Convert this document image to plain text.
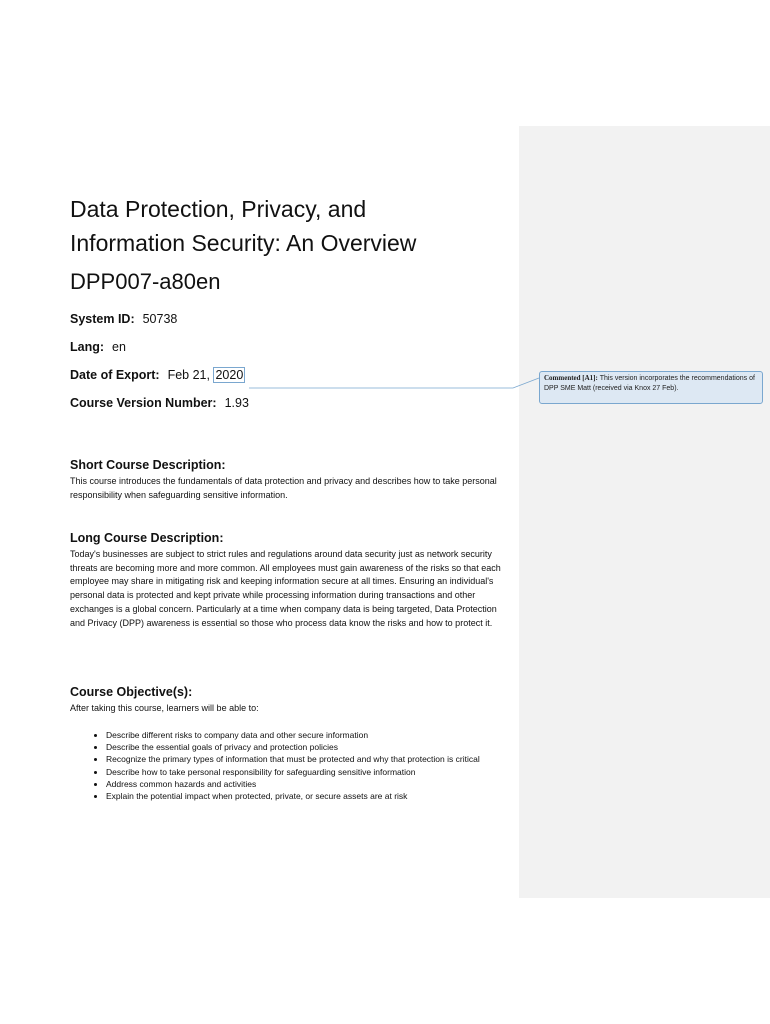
Data Protection, Privacy, and
Information Security: An Overview
DPP007-a80en
System ID: 50738
Lang: en
Date of Export: Feb 21, 2020
Course Version Number: 1.93
Short Course Description:

This course introduces the fundamentals of data protection and privacy and describes how to take personal responsibility when safeguarding sensitive information.

Long Course Description:

Today's businesses are subject to strict rules and regulations around data security just as network security threats are becoming more and more common. All employees must gain awareness of the risks so that each employee may share in mitigating risk and keeping information secure at all times. Ensuring an individual's personal data is protected and kept private while processing information during transactions and other exchanges is a global concern. Particularly at a time when company data is being targeted, Data Protection and Privacy (DPP) awareness is essential so those who process data know the risks and how to protect it.

Course Objective(s):

After taking this course, learners will be able to:

• Describe different risks to company data and other secure information
• Describe the essential goals of privacy and protection policies
• Recognize the primary types of information that must be protected and why that protection is critical
• Describe how to take personal responsibility for safeguarding sensitive information
• Address common hazards and activities
• Explain the potential impact when protected, private, or secure assets are at risk
Commented [A1]: This version incorporates the recommendations of DPP SME Matt (received via Knox 27 Feb).
